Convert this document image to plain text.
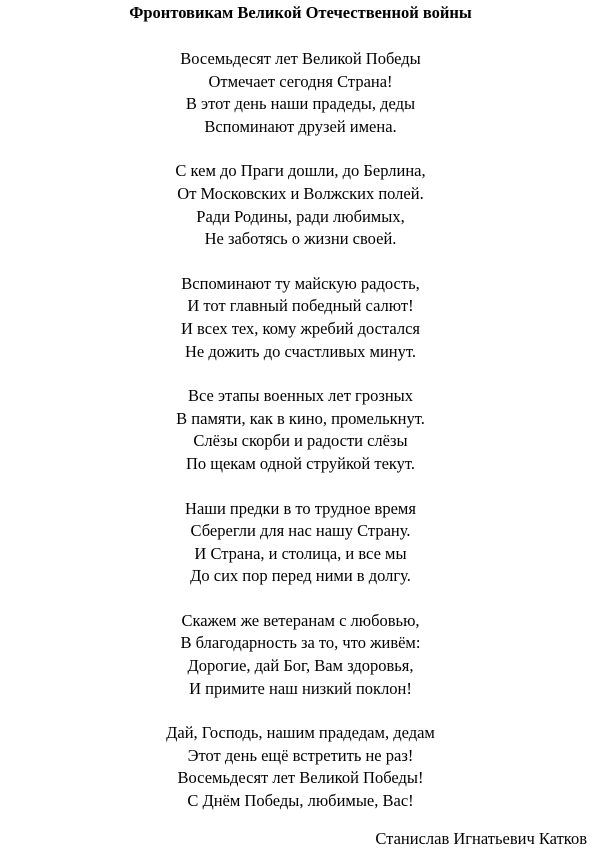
Фронтовикам Великой Отечественной войны
Восемьдесят лет Великой Победы
Отмечает сегодня Страна!
В этот день наши прадеды, деды
Вспоминают друзей имена.
С кем до Праги дошли, до Берлина,
От Московских и Волжских полей.
Ради Родины, ради любимых,
Не заботясь о жизни своей.
Вспоминают ту майскую радость,
И тот главный победный салют!
И всех тех, кому жребий достался
Не дожить до счастливых минут.
Все этапы военных лет грозных
В памяти, как в кино, промелькнут.
Слёзы скорби и радости слёзы
По щекам одной струйкой текут.
Наши предки в то трудное время
Сберегли для нас нашу Страну.
И Страна, и столица, и все мы
До сих пор перед ними в долгу.
Скажем же ветеранам с любовью,
В благодарность за то, что живём:
Дорогие, дай Бог, Вам здоровья,
И примите наш низкий поклон!
Дай, Господь, нашим прадедам, дедам
Этот день ещё встретить не раз!
Восемьдесят лет Великой Победы!
С Днём Победы, любимые, Вас!
Станислав Игнатьевич Катков
